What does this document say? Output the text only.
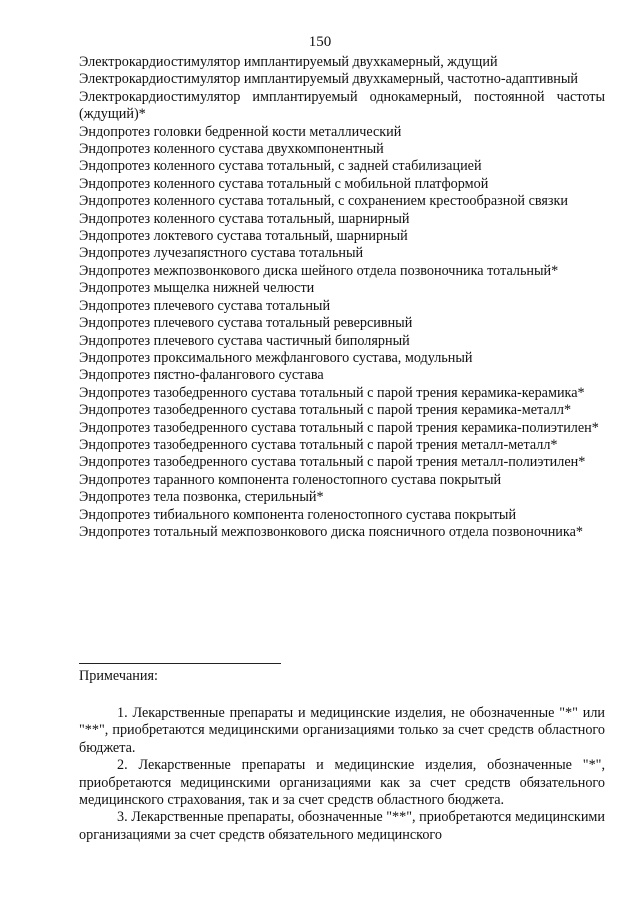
150
Электрокардиостимулятор имплантируемый двухкамерный, ждущий
Электрокардиостимулятор имплантируемый двухкамерный, частотно-адаптивный
Электрокардиостимулятор имплантируемый однокамерный, постоянной частоты (ждущий)*
Эндопротез головки бедренной кости металлический
Эндопротез коленного сустава двухкомпонентный
Эндопротез коленного сустава тотальный, с задней стабилизацией
Эндопротез коленного сустава тотальный с мобильной платформой
Эндопротез коленного сустава тотальный, с сохранением крестообразной связки
Эндопротез коленного сустава тотальный, шарнирный
Эндопротез локтевого сустава тотальный, шарнирный
Эндопротез лучезапястного сустава тотальный
Эндопротез межпозвонкового диска шейного отдела позвоночника тотальный*
Эндопротез мыщелка нижней челюсти
Эндопротез плечевого сустава тотальный
Эндопротез плечевого сустава тотальный реверсивный
Эндопротез плечевого сустава частичный биполярный
Эндопротез проксимального межфлангового сустава, модульный
Эндопротез пястно-фалангового сустава
Эндопротез тазобедренного сустава тотальный с парой трения керамика-керамика*
Эндопротез тазобедренного сустава тотальный с парой трения керамика-металл*
Эндопротез тазобедренного сустава тотальный с парой трения керамика-полиэтилен*
Эндопротез тазобедренного сустава тотальный с парой трения металл-металл*
Эндопротез тазобедренного сустава тотальный с парой трения металл-полиэтилен*
Эндопротез таранного компонента голеностопного сустава покрытый
Эндопротез тела позвонка, стерильный*
Эндопротез тибиального компонента голеностопного сустава покрытый
Эндопротез тотальный межпозвонкового диска поясничного отдела позвоночника*
Примечания:
1. Лекарственные препараты и медицинские изделия, не обозначенные "*" или "**", приобретаются медицинскими организациями только за счет средств областного бюджета.
2. Лекарственные препараты и медицинские изделия, обозначенные "*", приобретаются медицинскими организациями как за счет средств обязательного медицинского страхования, так и за счет средств областного бюджета.
3. Лекарственные препараты, обозначенные "**", приобретаются медицинскими организациями за счет средств обязательного медицинского
